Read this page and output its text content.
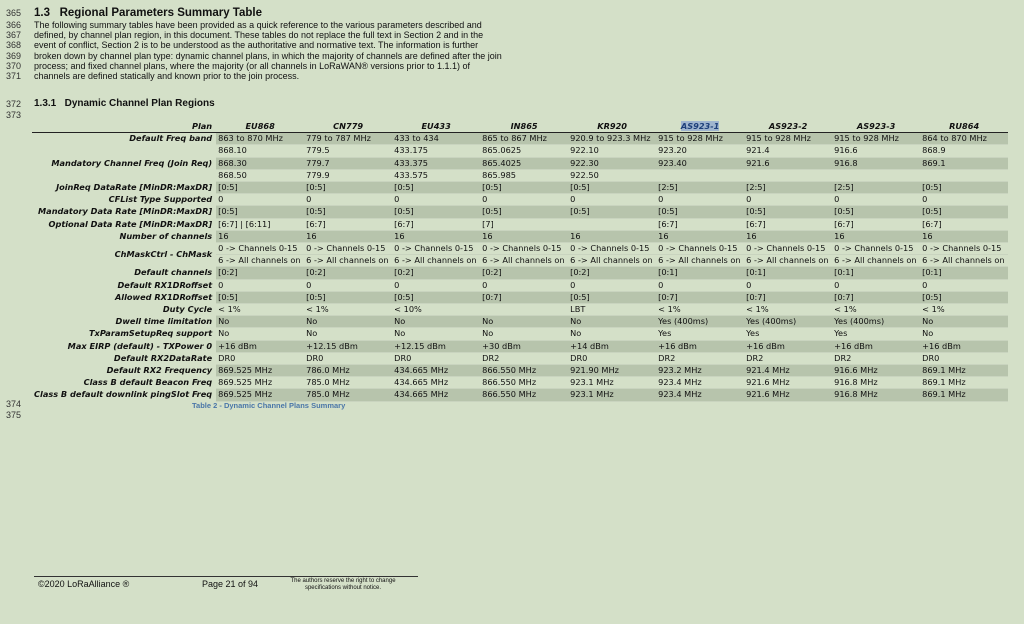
365
366
367
368
369
370
371
372
373
374
375
1.3 Regional Parameters Summary Table
The following summary tables have been provided as a quick reference to the various parameters described and defined, by channel plan region, in this document. These tables do not replace the full text in Section 2 and in the event of conflict, Section 2 is to be understood as the authoritative and normative text. The information is further broken down by channel plan type: dynamic channel plans, in which the majority of channels are defined after the join process; and fixed channel plans, where the majority (or all channels in LoRaWAN® versions prior to 1.1.1) of channels are defined statically and known prior to the join process.
1.3.1 Dynamic Channel Plan Regions
Plan	EU868	CN779	EU433	IN865	KR920	AS923-1	AS923-2	AS923-3	RU864
Default Freq band	863 to 870 MHz	779 to 787 MHz	433 to 434	865 to 867 MHz	920.9 to 923.3 MHz	915 to 928 MHz	915 to 928 MHz	915 to 928 MHz	864 to 870 MHz
Mandatory Channel Freq (Join Req)	868.10	779.5	433.175	865.0625	922.10	923.20	921.4	916.6	868.9
	868.30	779.7	433.375	865.4025	922.30	923.40	921.6	916.8	869.1
	868.50	779.9	433.575	865.985	922.50				
JoinReq DataRate [MinDR:MaxDR]	[0:5]	[0:5]	[0:5]	[0:5]	[0:5]	[2:5]	[2:5]	[2:5]	[0:5]
CFList Type Supported	0	0	0	0	0	0	0	0	0
Mandatory Data Rate [MinDR:MaxDR]	[0:5]	[0:5]	[0:5]	[0:5]	[0:5]	[0:5]	[0:5]	[0:5]	[0:5]
Optional Data Rate [MinDR:MaxDR]	[6:7] | [6:11]	[6:7]	[6:7]	[7]		[6:7]	[6:7]	[6:7]	[6:7]
Number of channels	16	16	16	16	16	16	16	16	16
ChMaskCtrl - ChMask	0 -> Channels 0-15	0 -> Channels 0-15	0 -> Channels 0-15	0 -> Channels 0-15	0 -> Channels 0-15	0 -> Channels 0-15	0 -> Channels 0-15	0 -> Channels 0-15	0 -> Channels 0-15
	6 -> All channels on	6 -> All channels on	6 -> All channels on	6 -> All channels on	6 -> All channels on	6 -> All channels on	6 -> All channels on	6 -> All channels on	6 -> All channels on
Default channels	[0:2]	[0:2]	[0:2]	[0:2]	[0:2]	[0:1]	[0:1]	[0:1]	[0:1]
Default RX1DRoffset	0	0	0	0	0	0	0	0	0
Allowed RX1DRoffset	[0:5]	[0:5]	[0:5]	[0:7]	[0:5]	[0:7]	[0:7]	[0:7]	[0:5]
Duty Cycle	< 1%	< 1%	< 10%		LBT	< 1%	< 1%	< 1%	< 1%
Dwell time limitation	No	No	No	No	No	Yes (400ms)	Yes (400ms)	Yes (400ms)	No
TxParamSetupReq support	No	No	No	No	No	Yes	Yes	Yes	No
Max EIRP (default) - TXPower 0	+16 dBm	+12.15 dBm	+12.15 dBm	+30 dBm	+14 dBm	+16 dBm	+16 dBm	+16 dBm	+16 dBm
Default RX2DataRate	DR0	DR0	DR0	DR2	DR0	DR2	DR2	DR2	DR0
Default RX2 Frequency	869.525 MHz	786.0 MHz	434.665 MHz	866.550 MHz	921.90 MHz	923.2 MHz	921.4 MHz	916.6 MHz	869.1 MHz
Class B default Beacon Freq	869.525 MHz	785.0 MHz	434.665 MHz	866.550 MHz	923.1 MHz	923.4 MHz	921.6 MHz	916.8 MHz	869.1 MHz
Class B default downlink pingSlot Freq	869.525 MHz	785.0 MHz	434.665 MHz	866.550 MHz	923.1 MHz	923.4 MHz	921.6 MHz	916.8 MHz	869.1 MHz
Table 2 - Dynamic Channel Plans Summary
©2020 LoRaAlliance ®	Page 21 of 94	The authors reserve the right to change specifications without notice.
